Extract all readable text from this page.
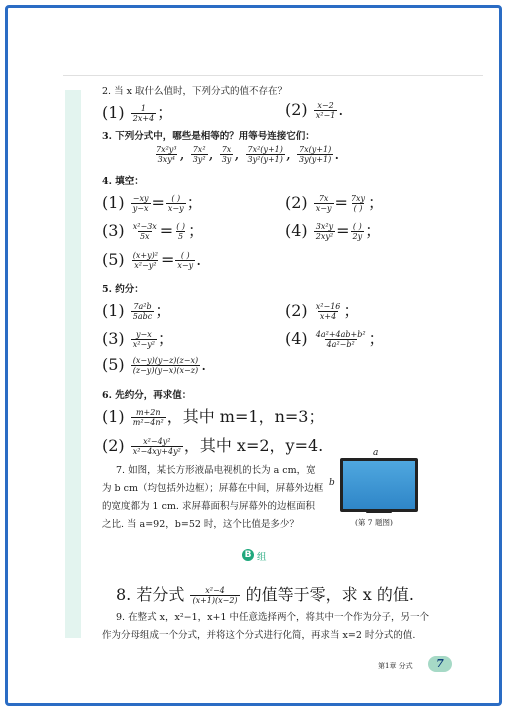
2. 当 x 取什么值时，下列分式的值不存在？
$(1) \frac{1}{2x+4}$ ；	$(2) \frac{x-2}{\text{x²−1}}$ .
3. 下列分式中，哪些是相等的？用等号连接它们：
$\frac{\text{7x²y³}}{\text{3xy⁴}}$ , $\frac{\text{7x²}}{\text{3y²}}$ , $\frac{7x}{3y}$ , $\frac{\text{7x²(y+1)}}{\text{3y²(y+1)}}$ , $\frac{7x(y+1)}{3y(y+1)}$ .
4. 填空：
$(1) \frac{-xy}{y-x} = \frac{( )}{x-y}$ ；	$(2) \frac{7x}{x-y} = \frac{7xy}{( )}$ ；
$(3) \frac{\text{x²−3x}}{5x} = \frac{( )}{5}$ ；	$(4) \frac{\text{3x²y}}{\text{2xy²}} = \frac{( )}{2y}$ ；
$(5) \frac{\text{(x+y)²}}{\text{x²−y²}} = \frac{( )}{x-y}$ .
5. 约分：
$(1) \frac{\text{7a²b}}{\text{5abc}}$ ；	$(2) \frac{\text{x²−16}}{x+4}$ ；
$(3) \frac{y-x}{\text{x²−y²}}$ ；	$(4) \frac{\text{4a²+4ab+b²}}{\text{4a²−b²}}$ ；
$(5) \frac{(x-y)(y-z)(z-x)}{(z-y)(y-x)(x-z)}$ .
6. 先约分，再求值：
$(1) \frac{m+2n}{\text{m²−4n²}}$ ，其中 m=1，n=3；
$(2) \frac{\text{x²−4y²}}{\text{x²−4xy+4y²}}$ ，其中 x=2，y=4.
7. 如图，某长方形液晶电视机的长为 a cm，宽
为 b cm（均包括外边框）；屏幕在中间，屏幕外边框
的宽度都为 1 cm. 求屏幕面积与屏幕外的边框面积
之比. 当 a=92，b=52 时，这个比值是多少？
a
b
(第 7 题图)
B 组
8. 若分式 $\frac{\text{x²−4}}{(x+1)(x-2)}$ 的值等于零，求 x 的值.
9. 在整式 x，x²−1，x+1 中任意选择两个，将其中一个作为分子，另一个
作为分母组成一个分式，并将这个分式进行化简，再求当 x=2 时分式的值.
第1章 分式	7
